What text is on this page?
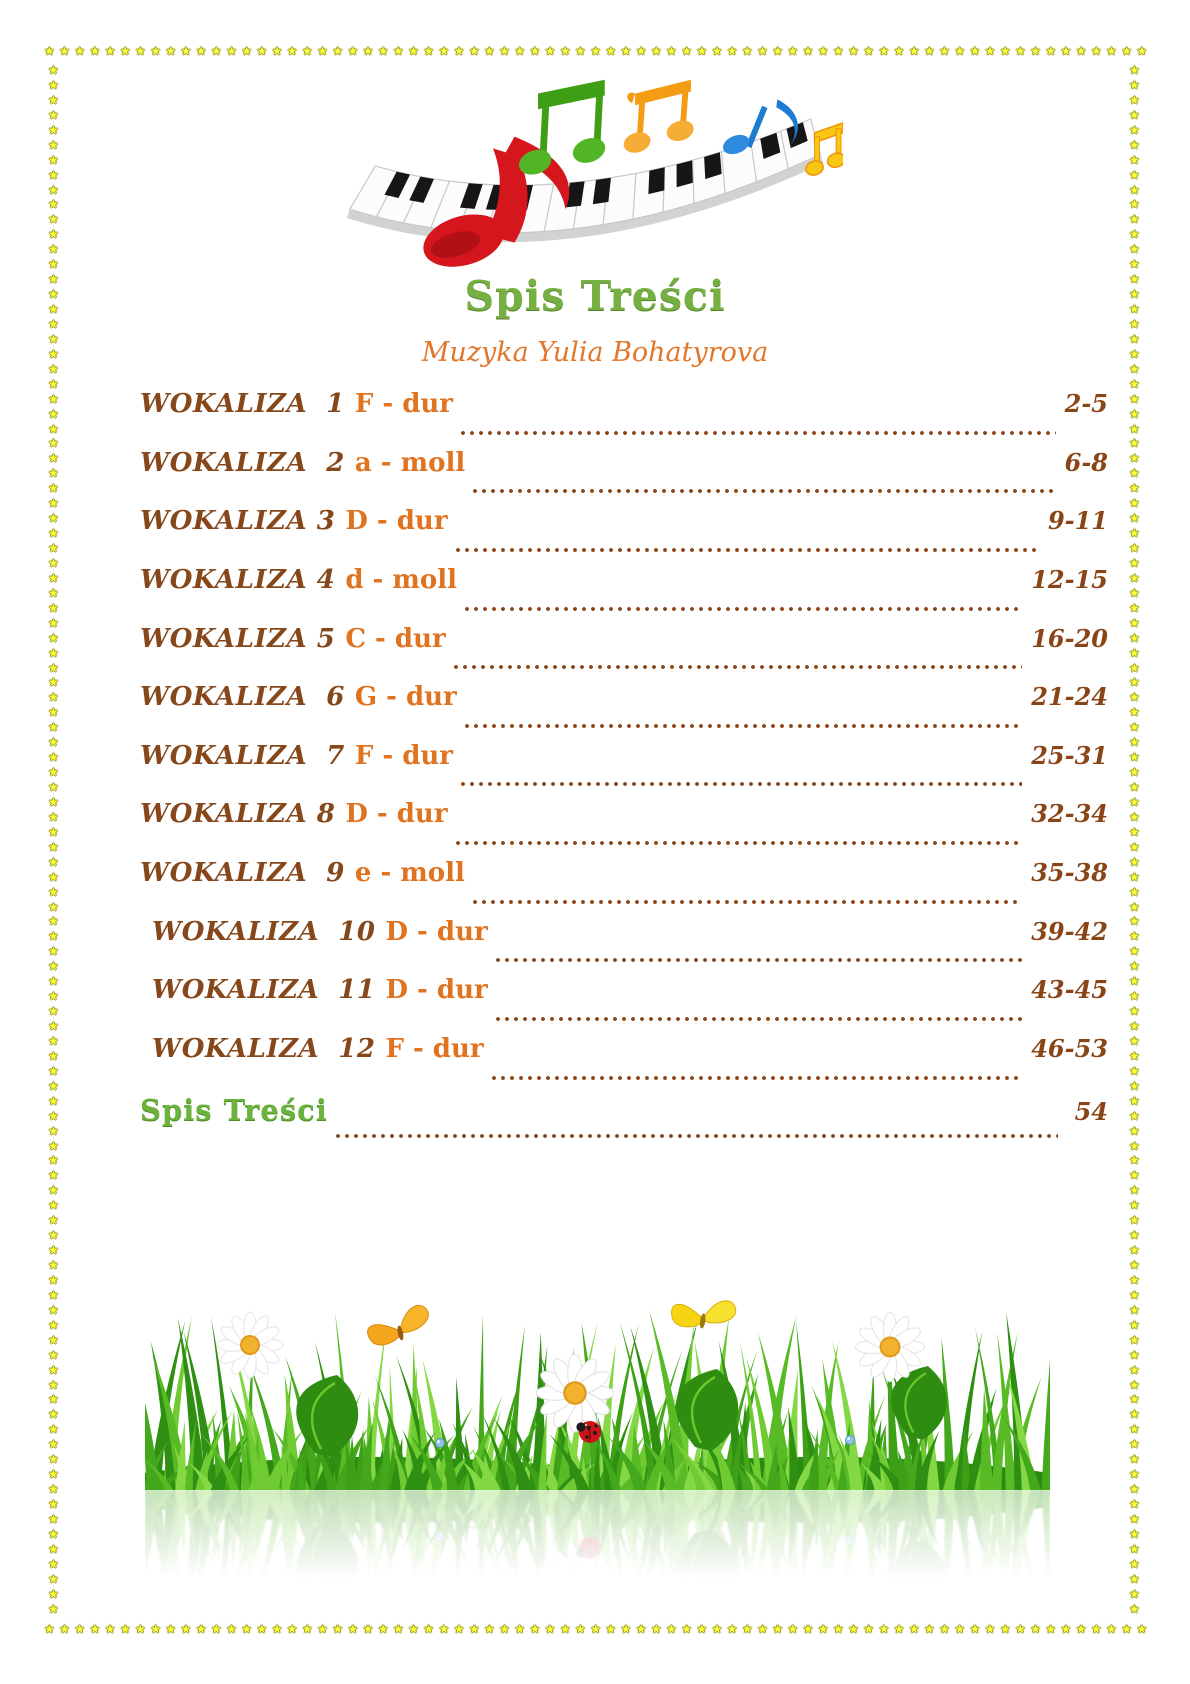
★ ★ ★ ★ ★ ★ ★ ★ ★ ★ ★ ★ ★ ★ ★ ★ ★ ★ ★ ★ ★ ★ ★ ★ ★ ★ ★ ★ ★ ★ ★ ★ ★ ★ ★ ★ ★ ★ ★ ★ ★ ★ ★ ★ ★ ★ ★ ★ ★ ★ ★ ★ ★ ★ ★ ★ ★ ★ ★ ★ ★ ★ ★ ★ ★ ★ ★ ★ ★ ★ ★ ★ ★
★ ★ ★ ★ ★ ★ ★ ★ ★ ★ ★ ★ ★ ★ ★ ★ ★ ★ ★ ★ ★ ★ ★ ★ ★ ★ ★ ★ ★ ★ ★ ★ ★ ★ ★ ★ ★ ★ ★ ★ ★ ★ ★ ★ ★ ★ ★ ★ ★ ★ ★ ★ ★ ★ ★ ★ ★ ★ ★ ★ ★ ★ ★ ★ ★ ★ ★ ★ ★ ★ ★ ★ ★
★
★
★
★
★
★
★
★
★
★
★
★
★
★
★
★
★
★
★
★
★
★
★
★
★
★
★
★
★
★
★
★
★
★
★
★
★
★
★
★
★
★
★
★
★
★
★
★
★
★
★
★
★
★
★
★
★
★
★
★
★
★
★
★
★
★
★
★
★
★
★
★
★
★
★
★
★
★
★
★
★
★
★
★
★
★
★
★
★
★
★
★
★
★
★
★
★
★
★
★
★
★
★
★
★
★
★
★
★
★
★
★
★
★
★
★
★
★
★
★
★
★
★
★
★
★
★
★
★
★
★
★
★
★
★
★
★
★
★
★
★
★
★
★
★
★
★
★
★
★
★
★
★
★
★
★
★
★
★
★
★
★
★
★
★
★
★
★
★
★
★
★
★
★
★
★
★
★
★
★
★
★
★
★
★
★
★
★
★
★
★
★
★
★
★
★
★
★
★
★
★
★
★
★
★
★
★
★
Spis Treści
Muzyka Yulia Bohatyrova
WOKALIZA  1 F - dur	2-5
WOKALIZA  2 a - moll	6-8
WOKALIZA 3 D - dur	9-11
WOKALIZA 4 d - moll	12-15
WOKALIZA 5 C - dur	16-20
WOKALIZA  6 G - dur	21-24
WOKALIZA  7 F - dur	25-31
WOKALIZA 8 D - dur	32-34
WOKALIZA  9 e - moll	35-38
WOKALIZA  10 D - dur	39-42
WOKALIZA  11 D - dur	43-45
WOKALIZA  12 F - dur	46-53
Spis Treści	54
